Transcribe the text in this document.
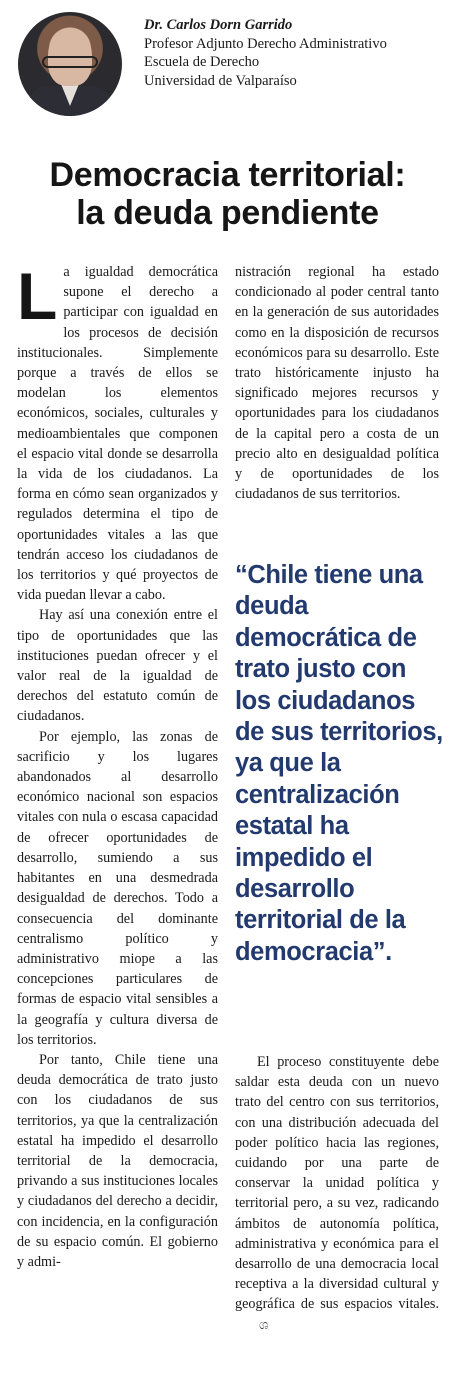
Dr. Carlos Dorn Garrido
Profesor Adjunto Derecho Administrativo
Escuela de Derecho
Universidad de Valparaíso
Democracia territorial:
la deuda pendiente

La igualdad democrática supone el derecho a participar con igualdad en los procesos de decisión institucionales. Simplemente porque a través de ellos se modelan los elementos económicos, sociales, culturales y medioambientales que componen el espacio vital donde se desarrolla la vida de los ciudadanos. La forma en cómo sean organizados y regulados determina el tipo de oportunidades vitales a las que tendrán acceso los ciudadanos de los territorios y qué proyectos de vida puedan llevar a cabo.

Hay así una conexión entre el tipo de oportunidades que las instituciones puedan ofrecer y el valor real de la igualdad de derechos del estatuto común de ciudadanos.

Por ejemplo, las zonas de sacrificio y los lugares abandonados al desarrollo económico nacional son espacios vitales con nula o escasa capacidad de ofrecer oportunidades de desarrollo, sumiendo a sus habitantes en una desmedrada desigualdad de derechos. Todo a consecuencia del dominante centralismo político y administrativo miope a las concepciones particulares de formas de espacio vital sensibles a la geografía y cultura diversa de los territorios.

Por tanto, Chile tiene una deuda democrática de trato justo con los ciudadanos de sus territorios, ya que la centralización estatal ha impedido el desarrollo territorial de la democracia, privando a sus instituciones locales y ciudadanos del derecho a decidir, con incidencia, en la configuración de su espacio común. El gobierno y admi-

nistración regional ha estado condicionado al poder central tanto en la generación de sus autoridades como en la disposición de recursos económicos para su desarrollo. Este trato históricamente injusto ha significado mejores recursos y oportunidades para los ciudadanos de la capital pero a costa de un precio alto en desigualdad política y de oportunidades de los ciudadanos de sus territorios.

“Chile tiene una deuda democrática de trato justo con los ciudadanos de sus territorios, ya que la centralización estatal ha impedido el desarrollo territorial de la democracia”.

El proceso constituyente debe saldar esta deuda con un nuevo trato del centro con sus territorios, con una distribución adecuada del poder político hacia las regiones, cuidando por una parte de conservar la unidad política y territorial pero, a su vez, radicando ámbitos de autonomía política, administrativa y económica para el desarrollo de una democracia local receptiva a la diversidad cultural y geográfica de sus espacios vitales.ශ
